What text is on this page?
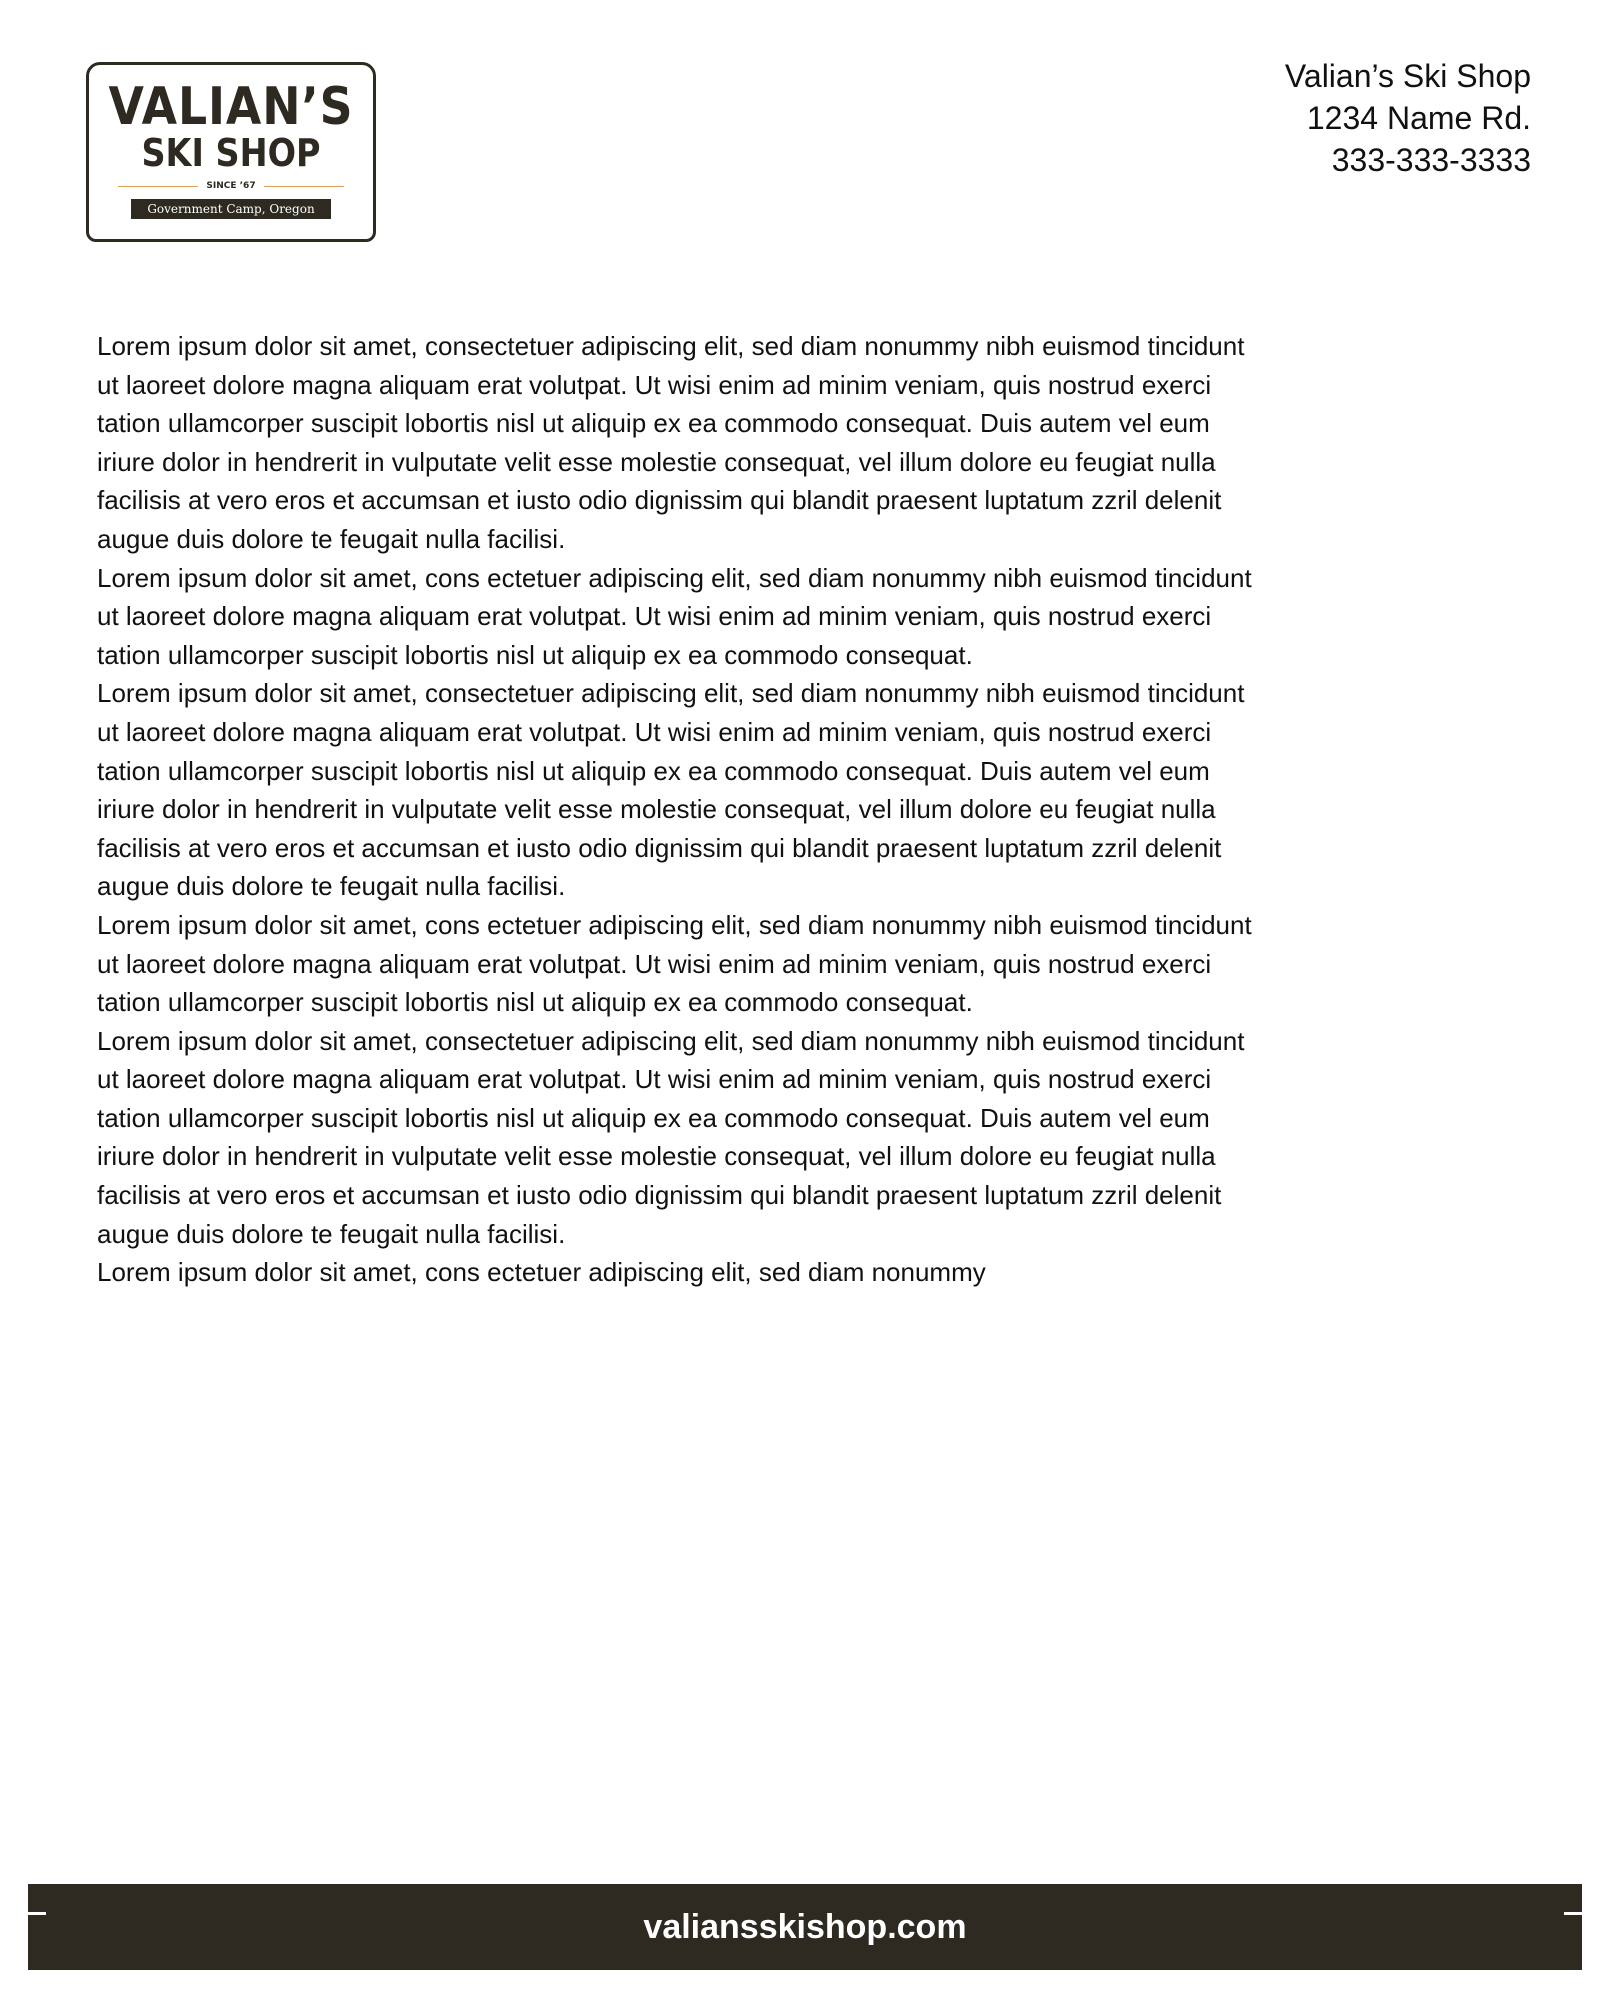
VALIAN’S
SKI SHOP
SINCE ’67
Government Camp, Oregon
Valian’s Ski Shop
1234 Name Rd.
333-333-3333

Lorem ipsum dolor sit amet, consectetuer adipiscing elit, sed diam nonummy nibh euismod tincidunt
ut laoreet dolore magna aliquam erat volutpat. Ut wisi enim ad minim veniam, quis nostrud exerci
tation ullamcorper suscipit lobortis nisl ut aliquip ex ea commodo consequat. Duis autem vel eum
iriure dolor in hendrerit in vulputate velit esse molestie consequat, vel illum dolore eu feugiat nulla
facilisis at vero eros et accumsan et iusto odio dignissim qui blandit praesent luptatum zzril delenit
augue duis dolore te feugait nulla facilisi.

Lorem ipsum dolor sit amet, cons ectetuer adipiscing elit, sed diam nonummy nibh euismod tincidunt
ut laoreet dolore magna aliquam erat volutpat. Ut wisi enim ad minim veniam, quis nostrud exerci
tation ullamcorper suscipit lobortis nisl ut aliquip ex ea commodo consequat.

Lorem ipsum dolor sit amet, consectetuer adipiscing elit, sed diam nonummy nibh euismod tincidunt
ut laoreet dolore magna aliquam erat volutpat. Ut wisi enim ad minim veniam, quis nostrud exerci
tation ullamcorper suscipit lobortis nisl ut aliquip ex ea commodo consequat. Duis autem vel eum
iriure dolor in hendrerit in vulputate velit esse molestie consequat, vel illum dolore eu feugiat nulla
facilisis at vero eros et accumsan et iusto odio dignissim qui blandit praesent luptatum zzril delenit
augue duis dolore te feugait nulla facilisi.

Lorem ipsum dolor sit amet, cons ectetuer adipiscing elit, sed diam nonummy nibh euismod tincidunt
ut laoreet dolore magna aliquam erat volutpat. Ut wisi enim ad minim veniam, quis nostrud exerci
tation ullamcorper suscipit lobortis nisl ut aliquip ex ea commodo consequat.

Lorem ipsum dolor sit amet, consectetuer adipiscing elit, sed diam nonummy nibh euismod tincidunt
ut laoreet dolore magna aliquam erat volutpat. Ut wisi enim ad minim veniam, quis nostrud exerci
tation ullamcorper suscipit lobortis nisl ut aliquip ex ea commodo consequat. Duis autem vel eum
iriure dolor in hendrerit in vulputate velit esse molestie consequat, vel illum dolore eu feugiat nulla
facilisis at vero eros et accumsan et iusto odio dignissim qui blandit praesent luptatum zzril delenit
augue duis dolore te feugait nulla facilisi.

Lorem ipsum dolor sit amet, cons ectetuer adipiscing elit, sed diam nonummy

valiansskishop.com
